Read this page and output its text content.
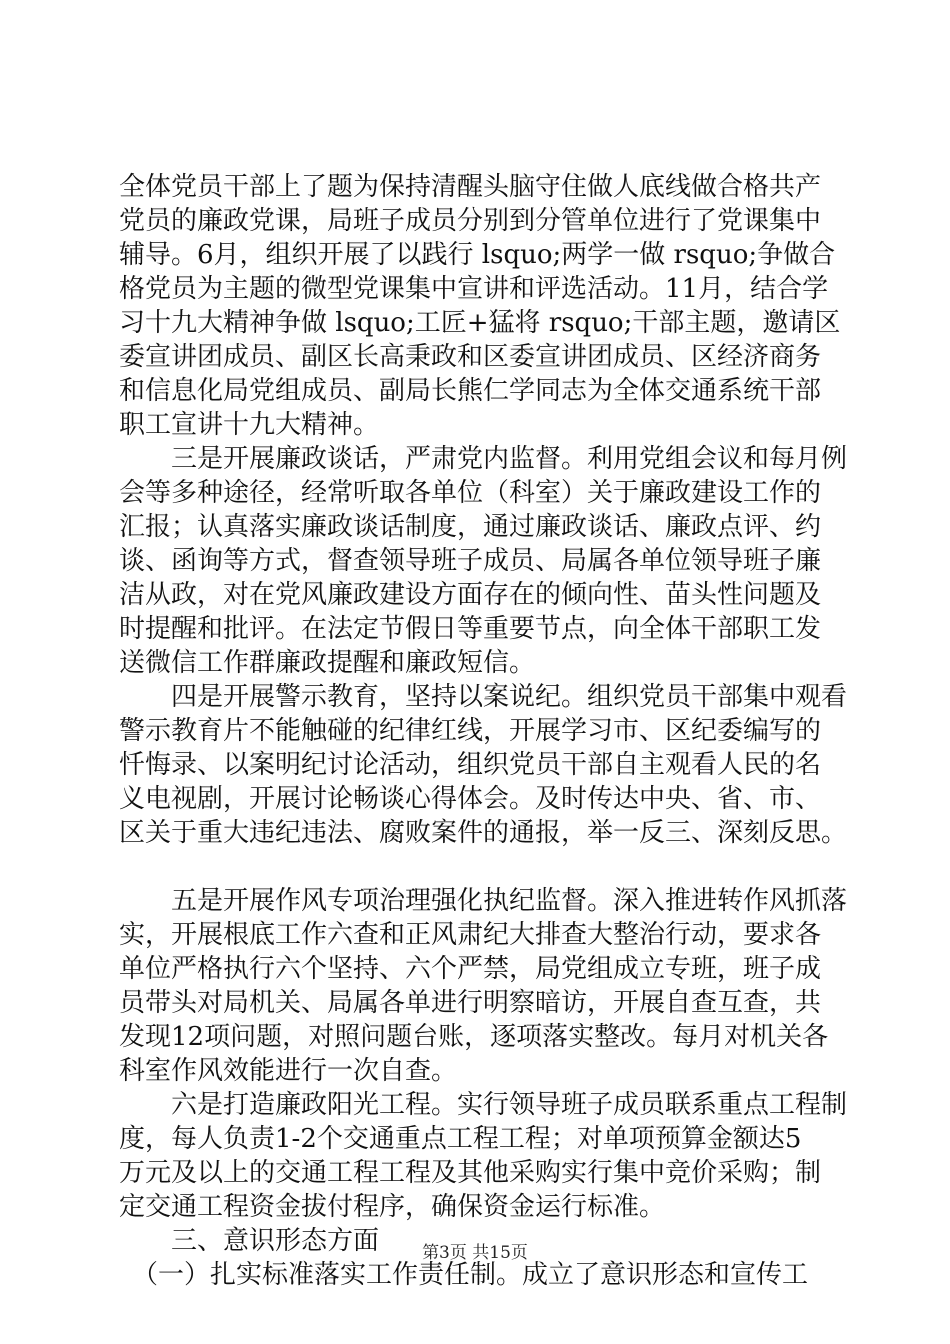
全体党员干部上了题为保持清醒头脑守住做人底线做合格共产
党员的廉政党课，局班子成员分别到分管单位进行了党课集中
辅导。6月，组织开展了以践行 lsquo;两学一做 rsquo;争做合
格党员为主题的微型党课集中宣讲和评选活动。11月，结合学
习十九大精神争做 lsquo;工匠+猛将 rsquo;干部主题，邀请区
委宣讲团成员、副区长高秉政和区委宣讲团成员、区经济商务
和信息化局党组成员、副局长熊仁学同志为全体交通系统干部
职工宣讲十九大精神。
　　三是开展廉政谈话，严肃党内监督。利用党组会议和每月例
会等多种途径，经常听取各单位（科室）关于廉政建设工作的
汇报；认真落实廉政谈话制度，通过廉政谈话、廉政点评、约
谈、函询等方式，督查领导班子成员、局属各单位领导班子廉
洁从政，对在党风廉政建设方面存在的倾向性、苗头性问题及
时提醒和批评。在法定节假日等重要节点，向全体干部职工发
送微信工作群廉政提醒和廉政短信。
　　四是开展警示教育，坚持以案说纪。组织党员干部集中观看
警示教育片不能触碰的纪律红线，开展学习市、区纪委编写的
忏悔录、以案明纪讨论活动，组织党员干部自主观看人民的名
义电视剧，开展讨论畅谈心得体会。及时传达中央、省、市、
区关于重大违纪违法、腐败案件的通报，举一反三、深刻反思。
　　五是开展作风专项治理强化执纪监督。深入推进转作风抓落
实，开展根底工作六查和正风肃纪大排查大整治行动，要求各
单位严格执行六个坚持、六个严禁，局党组成立专班，班子成
员带头对局机关、局属各单进行明察暗访，开展自查互查，共
发现12项问题，对照问题台账，逐项落实整改。每月对机关各
科室作风效能进行一次自查。
　　六是打造廉政阳光工程。实行领导班子成员联系重点工程制
度，每人负责1-2个交通重点工程工程；对单项预算金额达5
万元及以上的交通工程工程及其他采购实行集中竞价采购；制
定交通工程资金拔付程序，确保资金运行标准。
　　三、意识形态方面
　（一）扎实标准落实工作责任制。成立了意识形态和宣传工
第3页 共15页
